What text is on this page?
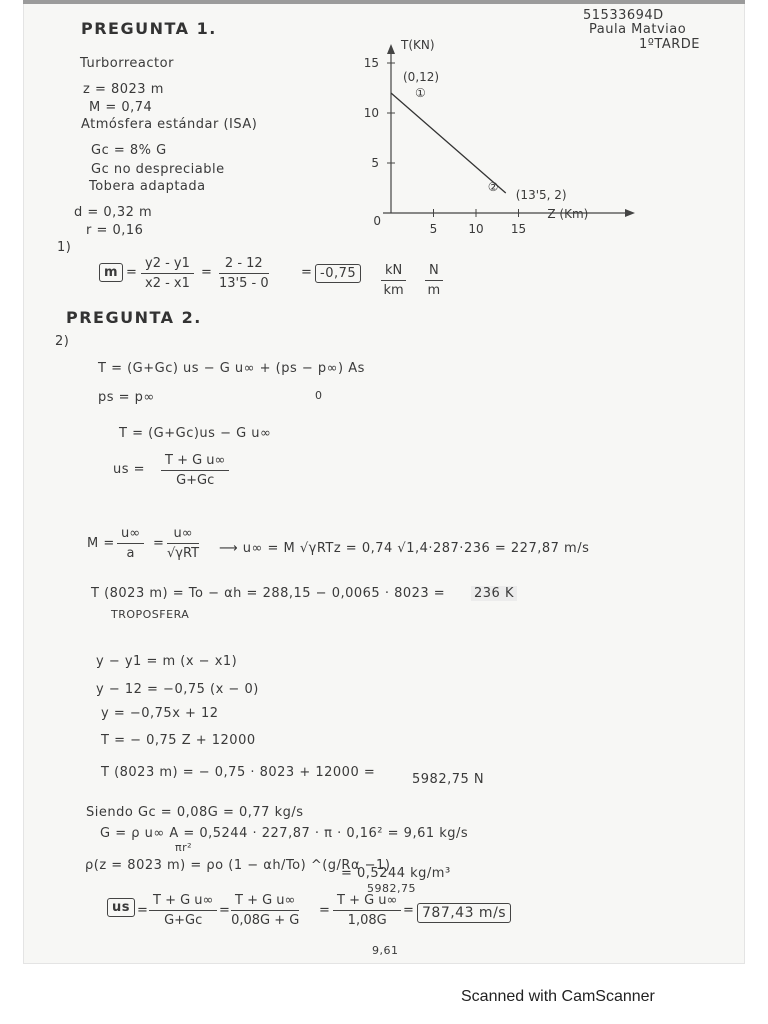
51533694D
Paula Matviao
1ºTARDE
PREGUNTA 1.
Turborreactor
z = 8023 m
M = 0,74
Atmósfera estándar (ISA)
Gc = 8% G
Gc no despreciable
Tobera adaptada
d = 0,32 m
r = 0,16	5	10 15
5
10
15
0
T(KN)
Z (Km)
(0,12)
①
②
(13'5, 2)
1)
$m = \frac{y2 - y1}{x2 - x1} = \frac{2 - 12}{13'5 - 0} = -0,75$	$\frac{kN}{km} \frac{N}{m}$
PREGUNTA 2.
2)
T = (G+Gc) us − G u∞ + (ps − p∞) As
0
ps = p∞
T = (G+Gc)us − G u∞
us = $\frac{\text{T + G u∞}}{G+Gc}$
$M = \frac{u\infty}{a}$ =
u∞
√γRT ⟶ u∞ = M √γRTz = 0,74 √1,4·287·236 = 227,87 m/s
T (8023 m) = To − αh = 288,15 − 0,0065 · 8023 = 236 K
TROPOSFERA
y − y1 = m (x − x1)
y − 12 = −0,75 (x − 0)
y = −0,75x + 12
T = − 0,75 Z + 12000
T (8023 m) = − 0,75 · 8023 + 12000 =	5982,75 N
Siendo Gc = 0,08G = 0,77 kg/s
G = ρ u∞ A = 0,5244 · 227,87 · π · 0,16² = 9,61 kg/s
πr²
ρ(z = 8023 m) = ρo (1 − αh/To) ^(g/Rα −1)
= 0,5244 kg/m³
5982,75
us = $\frac{\text{T + G u∞}}{G+Gc} = \frac{\text{T + G u∞}}{0,08G + G} = \frac{\text{T + G u∞}}{1,08G} = 787,43$ m/s
9,61
Scanned with CamScanner
